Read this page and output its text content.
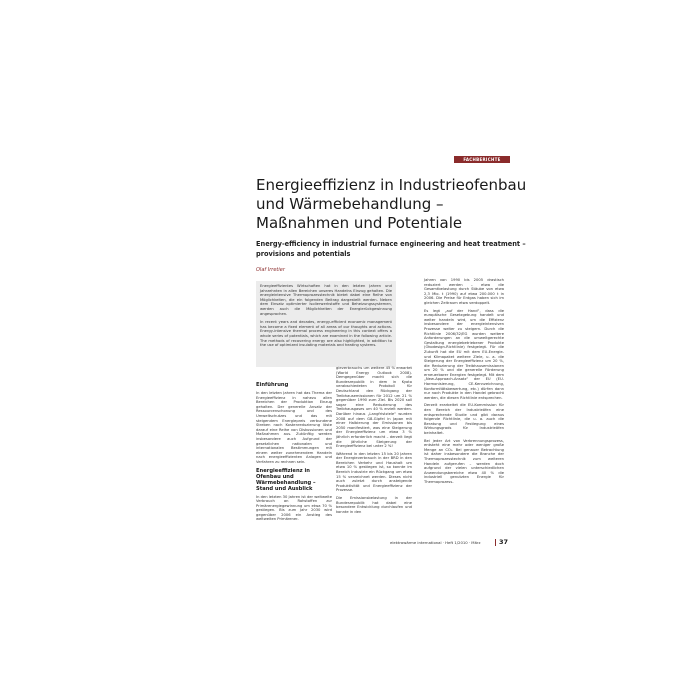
FACHBERICHTE
Energieeffizienz in Industrieofenbau
und Wärmebehandlung –
Maßnahmen und Potentiale
Energy-efficiency in industrial furnace engineering and heat treatment –
provisions and potentials
Olaf Irretier

Energieeffizientes Wirtschaften hat in den letzten Jahren und Jahrzehnten in allen Bereichen unseres Handelns Einzug gehalten. Die energieintensive Thermoprozesstechnik bietet dabei eine Reihe von Möglichkeiten, die ein folgenden Beitrag dargestellt werden. Neben dem Einsatz optimierter Isolierwerkstoffe und Beheizungssystemen, werden auch die Möglichkeiten der Energierückgewinnung angesprochen.

In recent years and decades, energy-efficient economic management has become a fixed element of all areas of our thoughts and actions. Energy-intensive thermal process engineering in this context offers a whole series of potentials, which are examined in the following article. The methods of recovering energy are also highlighted, in addition to the use of optimized insulating materials and heating systems.

Einführung

In den letzten Jahren hat das Thema der Energieeffizienz in nahezu allen Bereichen der Produktion Einzug gehalten. Der generelle Ansatz der Ressourcenschonung und des Umweltschutzes und das mit steigendem Energiepreis verbundene Streben nach Kostenreduzierung löste darauf eine Reihe von Diskussionen und Maßnahmen aus. Zukünftig werden insbesondere auch Aufgrund der gesetzlichen nationalen und internationalen Bestimmungen mit einem weiter zunehmendem Handeln nach energieeffizienten Anlagen und Verfahren zu rechnen sein.

Energieeffizienz in Ofenbau und Wärmebehandlung – Stand und Ausblick

In den letzten 30 Jahren ist der weltweite Verbrauch an Rohstoffen zur Primärenergiegewinnung um etwa 70 % gestiegen. Bis zum Jahr 2030 wird gegenüber 2006 ein Anstieg des weltweiten Primärener-

gieverbrauchs um weitere 45 % erwartet (World Energy Outlook 2008). Demgegenüber macht sich die Bundesrepublik in dem in Kyoto verabschiedeten Protokoll für Deutschland den Rückgang der Treibhausemissionen für 2012 um 21 % gegenüber 1990 zum Ziel. Bis 2020 soll sogar eine Reduzierung des Treibhausgases um 40 % erzielt werden. Darüber hinaus „Langfristziele“ wurden 2008 auf dem G8-Gipfel in Japan mit einer Halbierung der Emissionen bis 2050 manifestiert, was eine Steigerung der Energieeffizienz um etwa 3 % jährlich erforderlich macht – derzeit liegt die jährliche Steigerung der Energieeffizienz bei unter 2 %!

Während in den letzten 15 bis 20 Jahren der Energieverbrauch in der BRD in den Bereichen Verkehr und Haushalt um etwa 10 % gestiegen ist, so konnte im Bereich Industrie ein Rückgang um etwa 15 % verzeichnet werden. Dieses nicht auch zuletzt durch ansteigende Produktivität und Energieeffizienz der Prozesse.

Die Emissionsbelastung in der Bundesrepublik hat dabei eine besondere Entwicklung durchlaufen und konnte in den

Jahren von 1990 bis 2005 drastisch reduziert werden – etwa die Gesamtbelastung durch Stäube von etwa 2,3 Mio. t (1990) auf etwa 200.000 t in 2006. Die Preise für Erdgas haben sich im gleichen Zeitraum etwa verdoppelt.

Es legt „auf der Hand“, dass die europäische Gesetzgebung handelt und weiter handeln wird, um die Effizienz insbesondere der energieintensiven Prozesse weiter zu steigern. Durch die Richtlinie 2006/32/EG wurden weitere Anforderungen an die umweltgerechte Gestaltung energiebetriebener Produkte (Ökodesign-Richtlinie) festgelegt. Für die Zukunft hat die EU mit dem EU-Energie- und Klimapaket weitere Ziele, u. a. die Steigerung der Energieeffizienz um 20 %, die Reduzierung der Treibhausemissionen um 20 % und die generelle Förderung erneuerbarer Energien festgelegt. Mit dem „New-Approach-Ansatz“ der EU (EU-Harmonisierung, CE-Kennzeichnung, Konformitätsbewertung, etc.) dürfen dann nur noch Produkte in den Handel gebracht werden, die diesen Richtlinie entsprechen.

Derzeit erarbeitet die EU-Kommission für den Bereich der Industrieöfen eine entsprechende Studie und gibt daraus folgende Richtlinie, die u. a. auch die Beratung und Festlegung eines Wirkungsgrads für Industrieöfen beinhaltet.

Bei jeder Art von Verbrennungsprozess, entsteht eine mehr oder weniger große Menge an CO₂. Bei genauer Betrachtung ist daher insbesondere die Branche der Thermoprozesstechnik zum weiteren Handeln aufgerufen – werden doch aufgrund der vielen unterschiedlichen Anwendungsbereiche etwa 40 % die industriell genutzten Energie für Thermoprozess-

elektrowärme international · Heft 1/2010 · März	37
